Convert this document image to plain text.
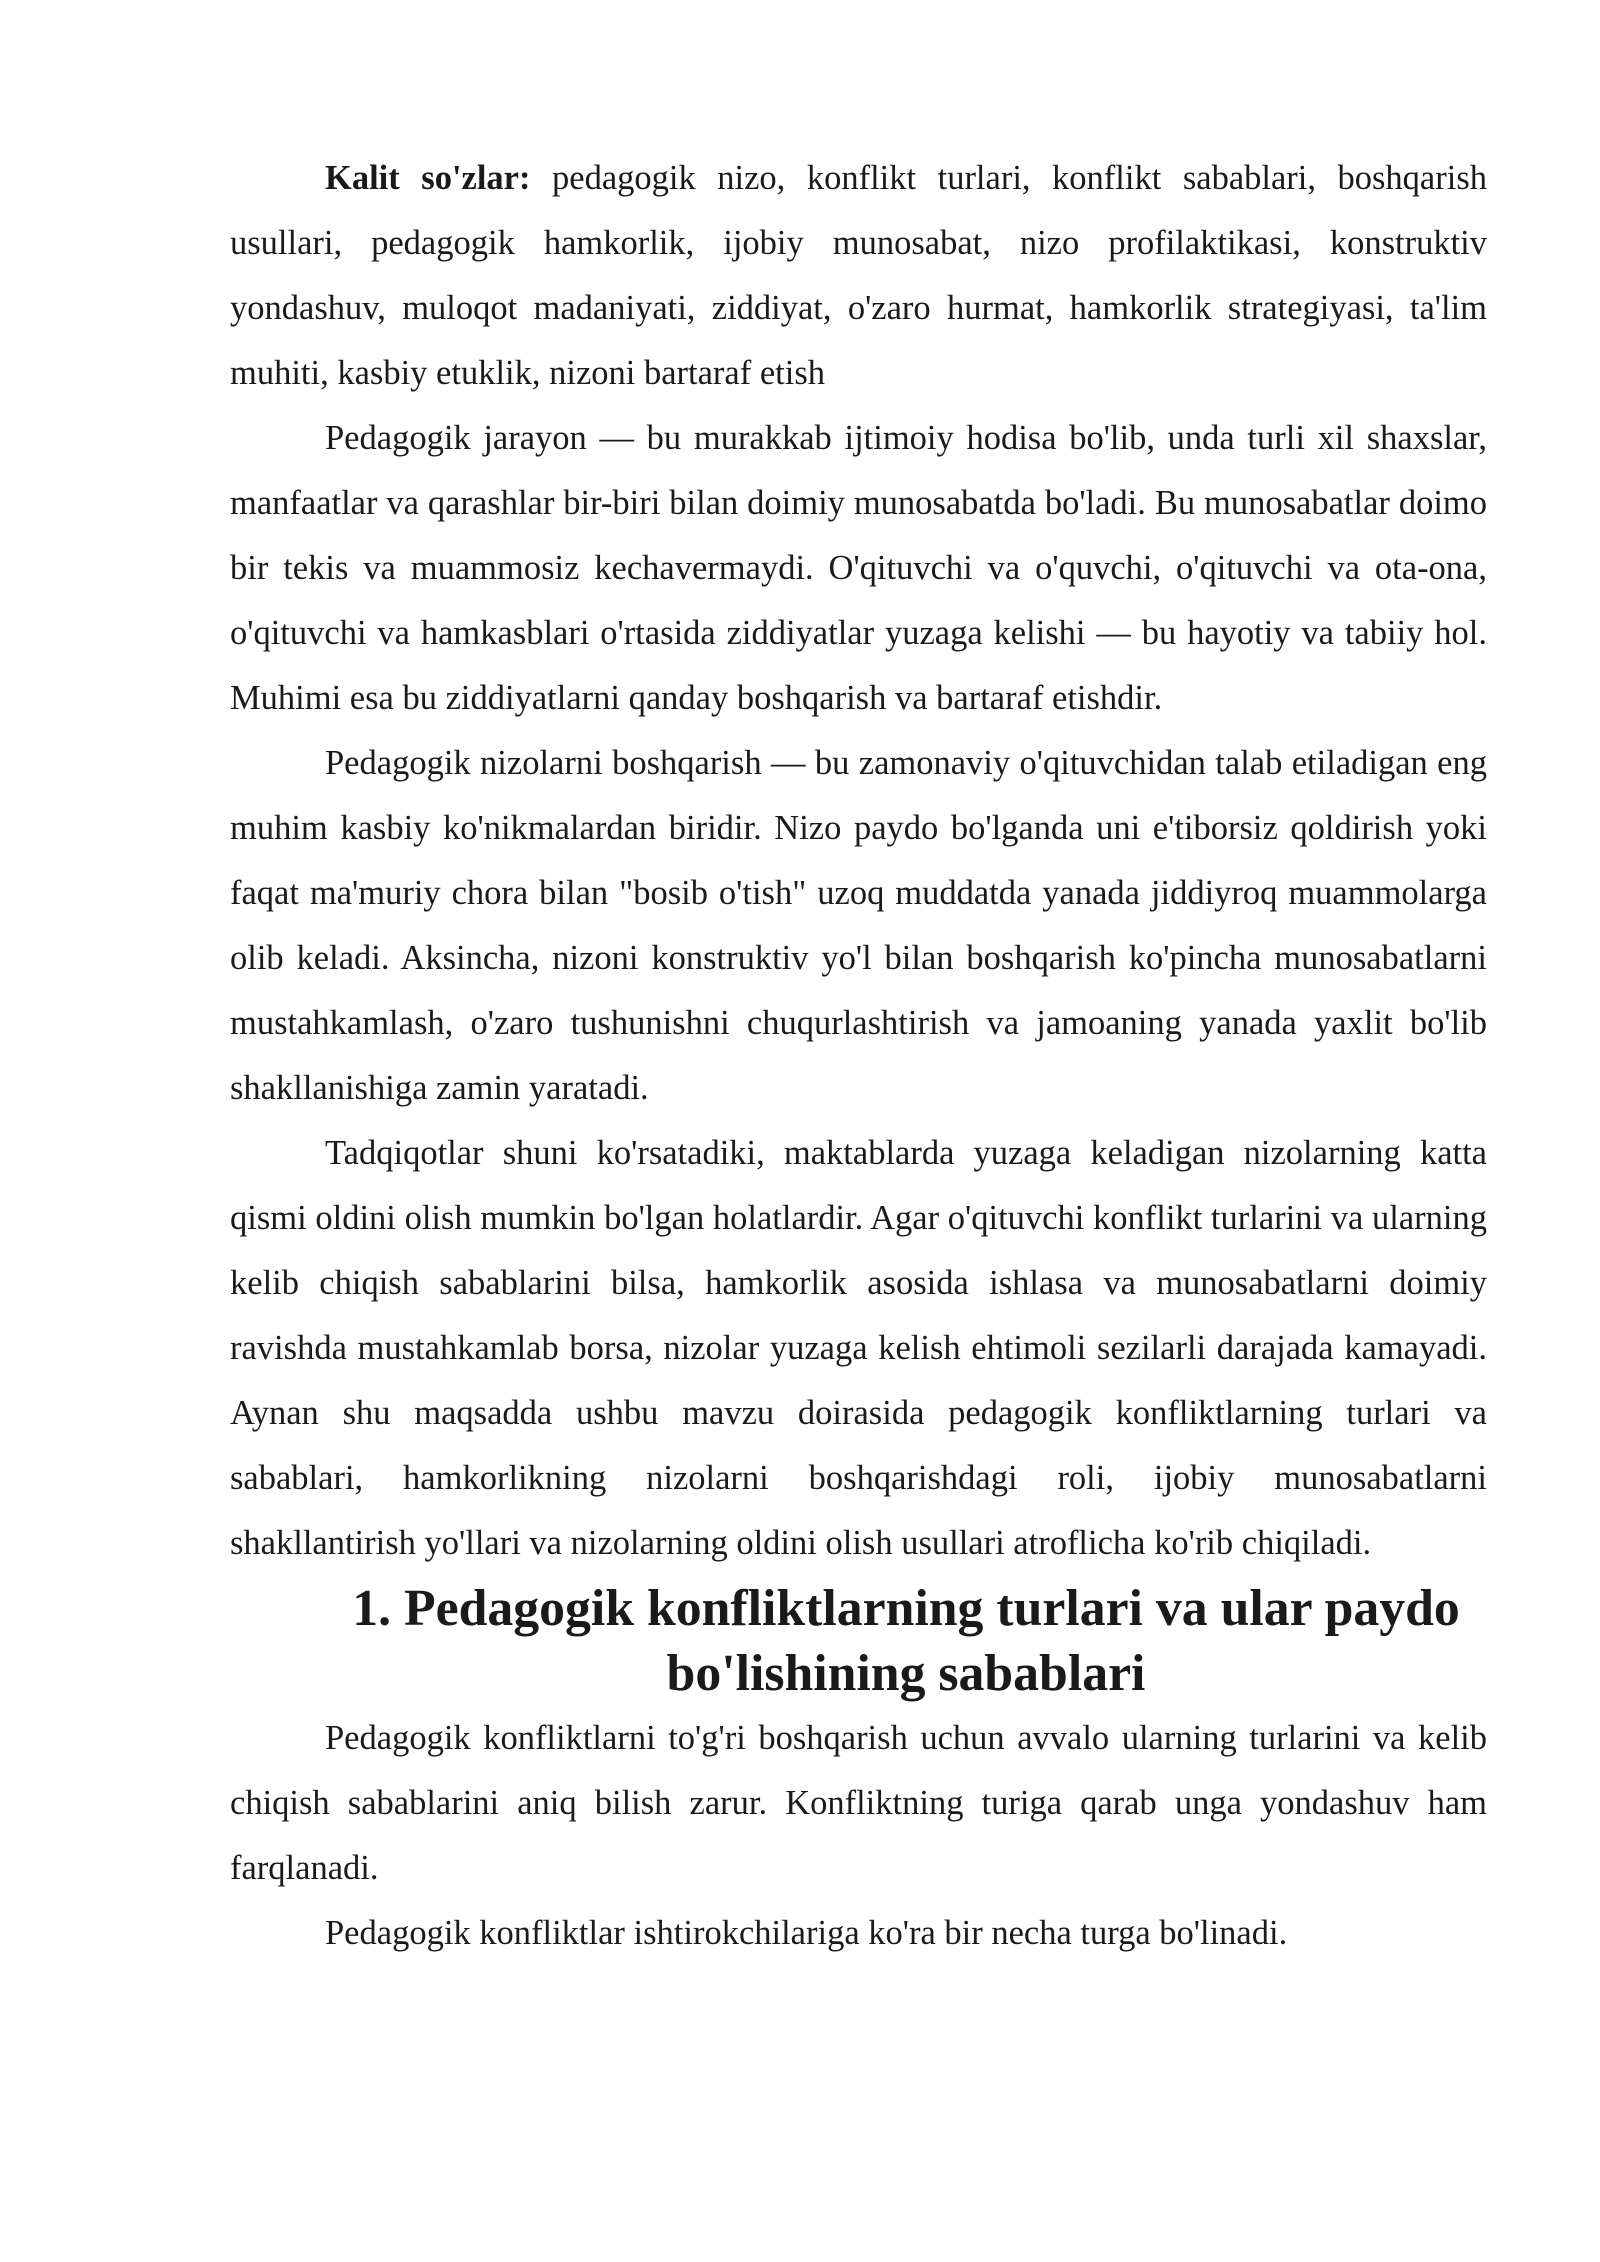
Kalit so'zlar: pedagogik nizo, konflikt turlari, konflikt sabablari, boshqarish usullari, pedagogik hamkorlik, ijobiy munosabat, nizo profilaktikasi, konstruktiv yondashuv, muloqot madaniyati, ziddiyat, o'zaro hurmat, hamkorlik strategiyasi, ta'lim muhiti, kasbiy etuklik, nizoni bartaraf etish

Pedagogik jarayon — bu murakkab ijtimoiy hodisa bo'lib, unda turli xil shaxslar, manfaatlar va qarashlar bir-biri bilan doimiy munosabatda bo'ladi. Bu munosabatlar doimo bir tekis va muammosiz kechavermaydi. O'qituvchi va o'quvchi, o'qituvchi va ota-ona, o'qituvchi va hamkasblari o'rtasida ziddiyatlar yuzaga kelishi — bu hayotiy va tabiiy hol. Muhimi esa bu ziddiyatlarni qanday boshqarish va bartaraf etishdir.

Pedagogik nizolarni boshqarish — bu zamonaviy o'qituvchidan talab etiladigan eng muhim kasbiy ko'nikmalardan biridir. Nizo paydo bo'lganda uni e'tiborsiz qoldirish yoki faqat ma'muriy chora bilan "bosib o'tish" uzoq muddatda yanada jiddiyroq muammolarga olib keladi. Aksincha, nizoni konstruktiv yo'l bilan boshqarish ko'pincha munosabatlarni mustahkamlash, o'zaro tushunishni chuqurlashtirish va jamoaning yanada yaxlit bo'lib shakllanishiga zamin yaratadi.

Tadqiqotlar shuni ko'rsatadiki, maktablarda yuzaga keladigan nizolarning katta qismi oldini olish mumkin bo'lgan holatlardir. Agar o'qituvchi konflikt turlarini va ularning kelib chiqish sabablarini bilsa, hamkorlik asosida ishlasa va munosabatlarni doimiy ravishda mustahkamlab borsa, nizolar yuzaga kelish ehtimoli sezilarli darajada kamayadi. Aynan shu maqsadda ushbu mavzu doirasida pedagogik konfliktlarning turlari va sabablari, hamkorlikning nizolarni boshqarishdagi roli, ijobiy munosabatlarni shakllantirish yo'llari va nizolarning oldini olish usullari atroflicha ko'rib chiqiladi.

1. Pedagogik konfliktlarning turlari va ular paydo bo'lishining sabablari

Pedagogik konfliktlarni to'g'ri boshqarish uchun avvalo ularning turlarini va kelib chiqish sabablarini aniq bilish zarur. Konfliktning turiga qarab unga yondashuv ham farqlanadi.

Pedagogik konfliktlar ishtirokchilariga ko'ra bir necha turga bo'linadi.
